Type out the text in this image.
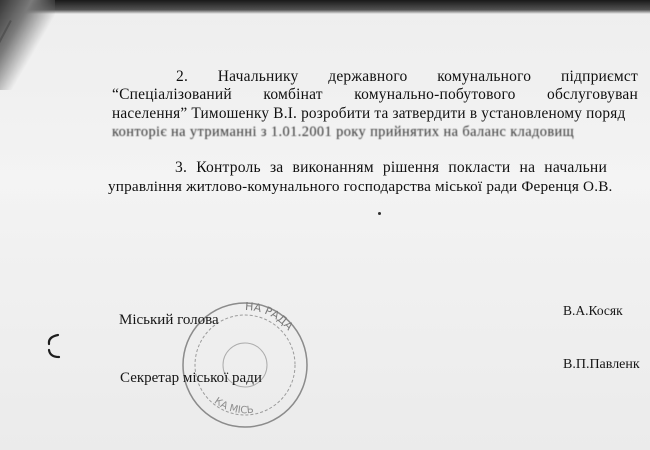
2. Начальнику державного комунального підприємст
“Спеціалізований комбінат комунально-побутового обслуговуван
населення” Тимошенку В.І. розробити та затвердити в установленому поряд
конторіє на утриманні з 1.01.2001 року прийнятих на баланс кладовищ
3. Контроль за виконанням рішення покласти на начальни
управління житлово-комунального господарства міської ради Ференця О.В.
НА РАДА
КА МІСЬ
Міський голова
В.А.Косяк
Секретар міської ради
В.П.Павленк
